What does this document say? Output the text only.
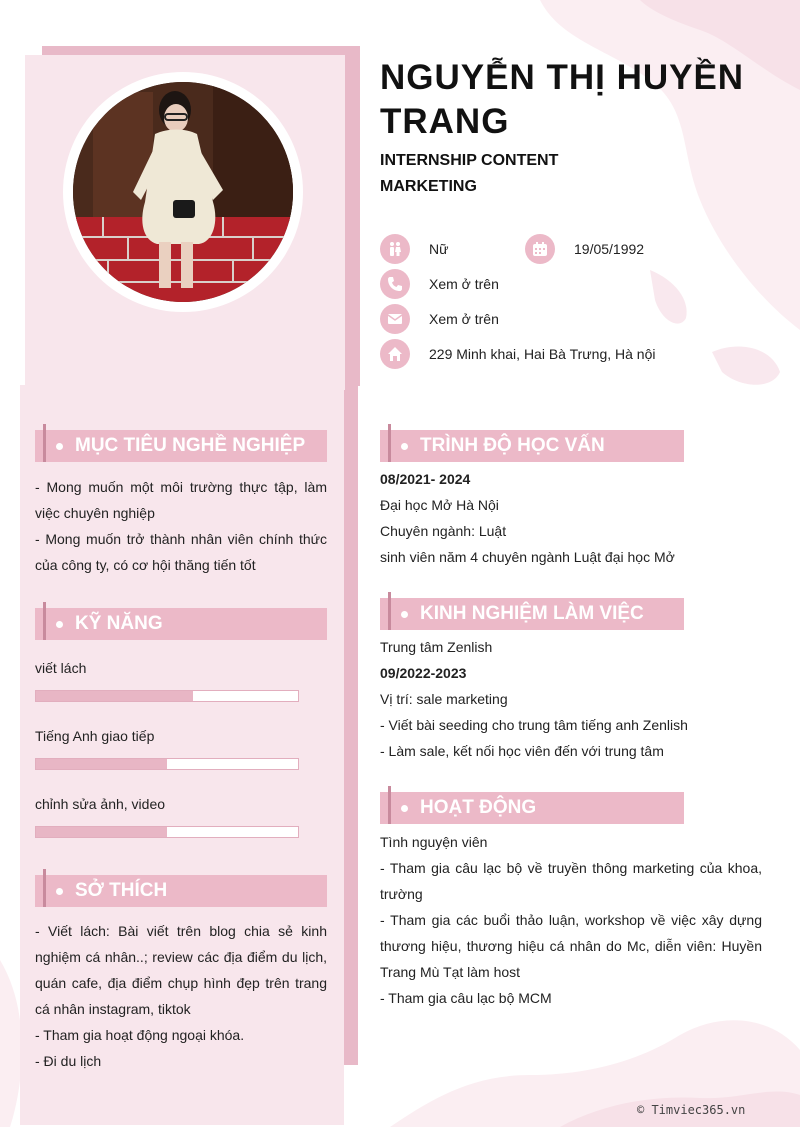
NGUYỄN THỊ HUYỀN TRANG
INTERNSHIP CONTENT MARKETING
Nữ	19/05/1992
Xem ở trên
Xem ở trên
229 Minh khai, Hai Bà Trưng, Hà nội
MỤC TIÊU NGHỀ NGHIỆP
- Mong muốn một môi trường thực tập, làm việc chuyên nghiệp
- Mong muốn trở thành nhân viên chính thức của công ty, có cơ hội thăng tiến tốt
KỸ NĂNG
viết lách
Tiếng Anh giao tiếp
chỉnh sửa ảnh, video
SỞ THÍCH
- Viết lách: Bài viết trên blog chia sẻ kinh nghiệm cá nhân..; review các địa điểm du lịch, quán cafe, địa điểm chụp hình đẹp trên trang cá nhân instagram, tiktok
- Tham gia hoạt động ngoại khóa.
- Đi du lịch
TRÌNH ĐỘ HỌC VẤN
08/2021- 2024
Đại học Mở Hà Nội
Chuyên ngành: Luật
sinh viên năm 4 chuyên ngành Luật đại học Mở
KINH NGHIỆM LÀM VIỆC
Trung tâm Zenlish
09/2022-2023
Vị trí: sale marketing
- Viết bài seeding cho trung tâm tiếng anh Zenlish
- Làm sale, kết nối học viên đến với trung tâm
HOẠT ĐỘNG
Tình nguyện viên
- Tham gia câu lạc bộ về truyền thông marketing của khoa, trường
- Tham gia các buổi thảo luận, workshop về việc xây dựng thương hiệu, thương hiệu cá nhân do Mc, diễn viên: Huyền Trang Mù Tạt làm host
- Tham gia câu lạc bộ MCM
© Timviec365.vn
